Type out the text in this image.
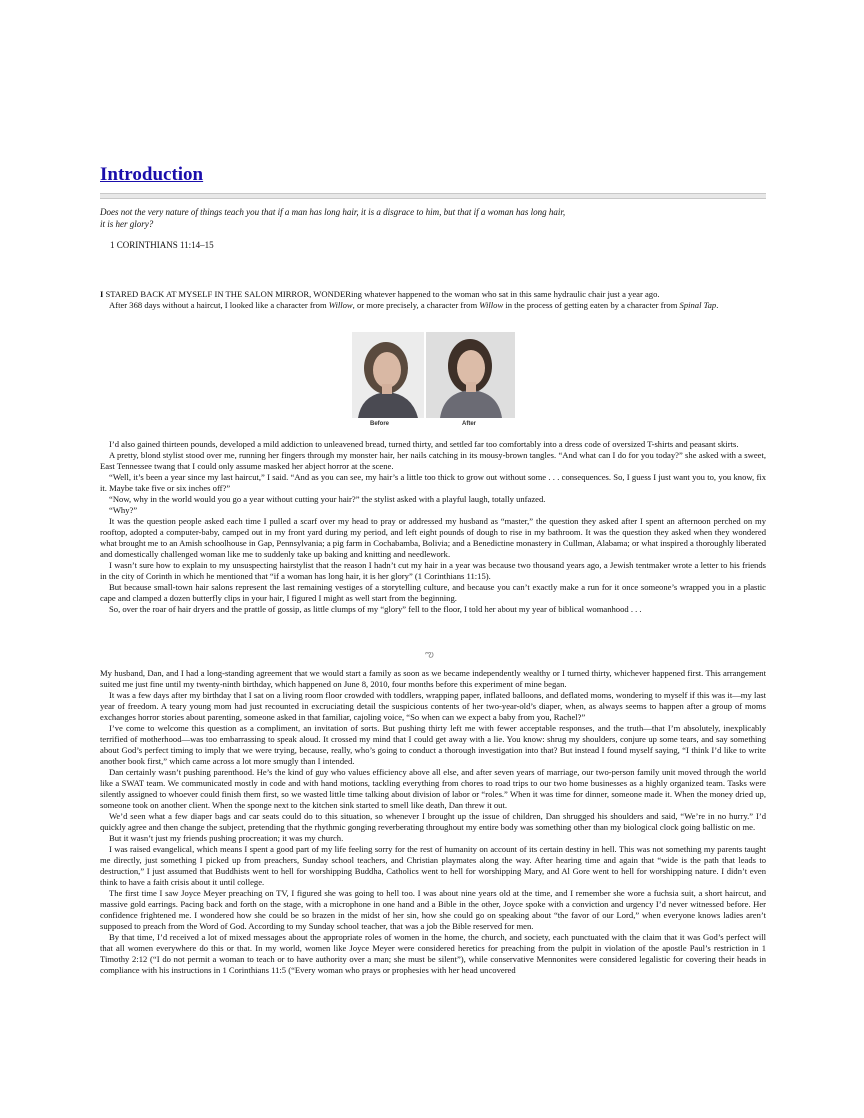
Introduction

Does not the very nature of things teach you that if a man has long hair, it is a disgrace to him, but that if a woman has long hair, it is her glory?

1 CORINTHIANS 11:14–15

I STARED BACK AT MYSELF IN THE SALON MIRROR, WONDERing whatever happened to the woman who sat in this same hydraulic chair just a year ago.

After 368 days without a haircut, I looked like a character from Willow, or more precisely, a character from Willow in the process of getting eaten by a character from Spinal Tap.

Before	After

I’d also gained thirteen pounds, developed a mild addiction to unleavened bread, turned thirty, and settled far too comfortably into a dress code of oversized T-shirts and peasant skirts.

A pretty, blond stylist stood over me, running her fingers through my monster hair, her nails catching in its mousy-brown tangles. “And what can I do for you today?” she asked with a sweet, East Tennessee twang that I could only assume masked her abject horror at the scene.

“Well, it’s been a year since my last haircut,” I said. “And as you can see, my hair’s a little too thick to grow out without some . . . consequences. So, I guess I just want you to, you know, fix it. Maybe take five or six inches off?”

“Now, why in the world would you go a year without cutting your hair?” the stylist asked with a playful laugh, totally unfazed.

“Why?”

It was the question people asked each time I pulled a scarf over my head to pray or addressed my husband as “master,” the question they asked after I spent an afternoon perched on my rooftop, adopted a computer-baby, camped out in my front yard during my period, and left eight pounds of dough to rise in my bathroom. It was the question they asked when they wondered what brought me to an Amish schoolhouse in Gap, Pennsylvania; a pig farm in Cochabamba, Bolivia; and a Benedictine monastery in Cullman, Alabama; or what inspired a thoroughly liberated and domestically challenged woman like me to suddenly take up baking and knitting and needlework.

I wasn’t sure how to explain to my unsuspecting hairstylist that the reason I hadn’t cut my hair in a year was because two thousand years ago, a Jewish tentmaker wrote a letter to his friends in the city of Corinth in which he mentioned that “if a woman has long hair, it is her glory” (1 Corinthians 11:15).

But because small-town hair salons represent the last remaining vestiges of a storytelling culture, and because you can’t exactly make a run for it once someone’s wrapped you in a plastic cape and clamped a dozen butterfly clips in your hair, I figured I might as well start from the beginning.

So, over the roar of hair dryers and the prattle of gossip, as little clumps of my “glory” fell to the floor, I told her about my year of biblical womanhood . . .

ఌ

My husband, Dan, and I had a long-standing agreement that we would start a family as soon as we became independently wealthy or I turned thirty, whichever happened first. This arrangement suited me just fine until my twenty-ninth birthday, which happened on June 8, 2010, four months before this experiment of mine began.

It was a few days after my birthday that I sat on a living room floor crowded with toddlers, wrapping paper, inflated balloons, and deflated moms, wondering to myself if this was it—my last year of freedom. A teary young mom had just recounted in excruciating detail the suspicious contents of her two-year-old’s diaper, when, as always seems to happen after a group of moms exchanges horror stories about parenting, someone asked in that familiar, cajoling voice, “So when can we expect a baby from you, Rachel?”

I’ve come to welcome this question as a compliment, an invitation of sorts. But pushing thirty left me with fewer acceptable responses, and the truth—that I’m absolutely, inexplicably terrified of motherhood—was too embarrassing to speak aloud. It crossed my mind that I could get away with a lie. You know: shrug my shoulders, conjure up some tears, and say something about God’s perfect timing to imply that we were trying, because, really, who’s going to conduct a thorough investigation into that? But instead I found myself saying, “I think I’d like to write another book first,” which came across a lot more smugly than I intended.

Dan certainly wasn’t pushing parenthood. He’s the kind of guy who values efficiency above all else, and after seven years of marriage, our two-person family unit moved through the world like a SWAT team. We communicated mostly in code and with hand motions, tackling everything from chores to road trips to our two home businesses as a highly organized team. Tasks were silently assigned to whoever could finish them first, so we wasted little time talking about division of labor or “roles.” When it was time for dinner, someone made it. When the money dried up, someone took on another client. When the sponge next to the kitchen sink started to smell like death, Dan threw it out.

We’d seen what a few diaper bags and car seats could do to this situation, so whenever I brought up the issue of children, Dan shrugged his shoulders and said, “We’re in no hurry.” I’d quickly agree and then change the subject, pretending that the rhythmic gonging reverberating throughout my entire body was something other than my biological clock going ballistic on me.

But it wasn’t just my friends pushing procreation; it was my church.

I was raised evangelical, which means I spent a good part of my life feeling sorry for the rest of humanity on account of its certain destiny in hell. This was not something my parents taught me directly, just something I picked up from preachers, Sunday school teachers, and Christian playmates along the way. After hearing time and again that “wide is the path that leads to destruction,” I just assumed that Buddhists went to hell for worshipping Buddha, Catholics went to hell for worshipping Mary, and Al Gore went to hell for worshipping nature. I didn’t even think to have a faith crisis about it until college.

The first time I saw Joyce Meyer preaching on TV, I figured she was going to hell too. I was about nine years old at the time, and I remember she wore a fuchsia suit, a short haircut, and massive gold earrings. Pacing back and forth on the stage, with a microphone in one hand and a Bible in the other, Joyce spoke with a conviction and urgency I’d never witnessed before. Her confidence frightened me. I wondered how she could be so brazen in the midst of her sin, how she could go on speaking about “the favor of our Lord,” when everyone knows ladies aren’t supposed to preach from the Word of God. According to my Sunday school teacher, that was a job the Bible reserved for men.

By that time, I’d received a lot of mixed messages about the appropriate roles of women in the home, the church, and society, each punctuated with the claim that it was God’s perfect will that all women everywhere do this or that. In my world, women like Joyce Meyer were considered heretics for preaching from the pulpit in violation of the apostle Paul’s restriction in 1 Timothy 2:12 (“I do not permit a woman to teach or to have authority over a man; she must be silent”), while conservative Mennonites were considered legalistic for covering their heads in compliance with his instructions in 1 Corinthians 11:5 (“Every woman who prays or prophesies with her head uncovered
